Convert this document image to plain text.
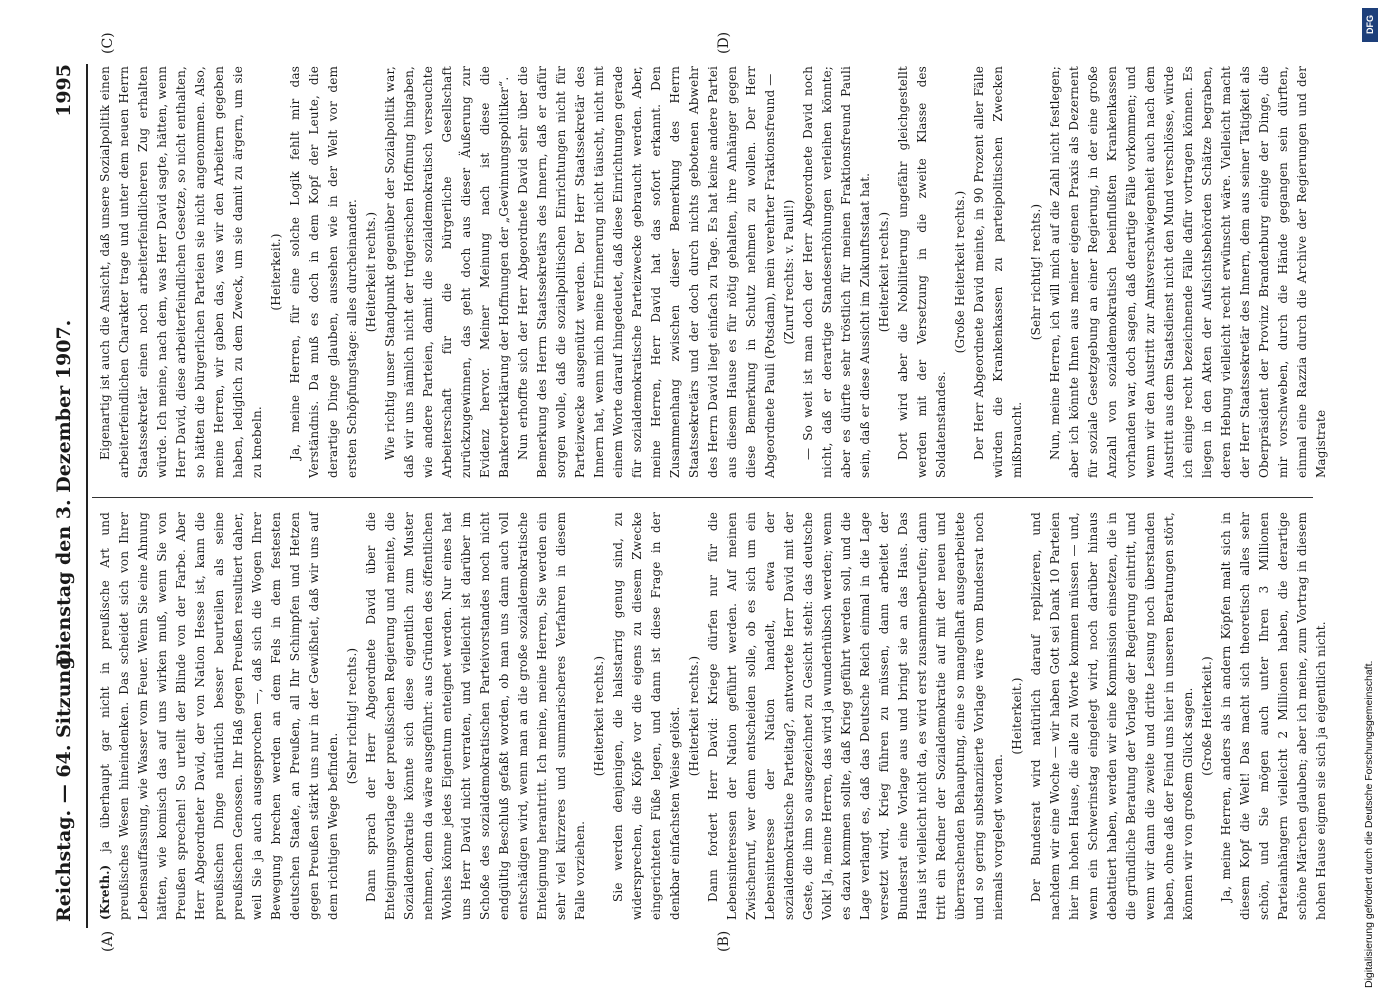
Reichstag. — 64. Sitzung.
Dienstag den 3. Dezember 1907.
1995
(A)	(B)
(C)	(D)

(Kreth.) ja überhaupt gar nicht in preußische Art und preußisches Wesen hineindenken. Das scheidet sich von Ihrer Lebensauffassung, wie Wasser vom Feuer. Wenn Sie eine Ahnung hätten, wie komisch das auf uns wirken muß, wenn Sie von Preußen sprechen! So urteilt der Blinde von der Farbe. Aber Herr Abgeordneter David, der von Nation Hesse ist, kann die preußischen Dinge natürlich besser beurteilen als seine preußischen Genossen. Ihr Haß gegen Preußen resultiert daher, weil Sie ja auch ausgesprochen —, daß sich die Wogen Ihrer Bewegung brechen werden an dem Fels in dem festesten deutschen Staate, an Preußen, all Ihr Schimpfen und Hetzen gegen Preußen stärkt uns nur in der Gewißheit, daß wir uns auf dem richtigen Wege befinden.

(Sehr richtig! rechts.) Dann sprach der Herr Abgeordnete David über die Enteignungsvorlage der preußischen Regierung und meinte, die Sozialdemokratie könnte sich diese eigentlich zum Muster nehmen, denn da wäre ausgeführt: aus Gründen des öffentlichen Wohles könne jedes Eigentum enteignet werden. Nur eines hat uns Herr David nicht verraten, und vielleicht ist darüber im Schoße des sozialdemokratischen Parteivorstandes noch nicht endgültig Beschluß gefaßt worden, ob man uns dann auch voll entschädigen wird, wenn man an die große sozialdemokratische Enteignung herantritt. Ich meine, meine Herren, Sie werden ein sehr viel kürzeres und summarischeres Verfahren in diesem Falle vorziehen.

(Heiterkeit rechts.) Sie werden denjenigen, die halsstarrig genug sind, zu widersprechen, die Köpfe vor die eigens zu diesem Zwecke eingerichteten Füße legen, und dann ist diese Frage in der denkbar einfachsten Weise gelöst. (Heiterkeit rechts.) Dann fordert Herr David: Kriege dürfen nur für die Lebensinteressen der Nation geführt werden. Auf meinen Zwischenruf, wer denn entscheiden solle, ob es sich um ein Lebensinteresse der Nation handelt, etwa der sozialdemokratische Parteitag?, antwortete Herr David mit der Geste, die ihm so ausgezeichnet zu Gesicht steht: das deutsche Volk! Ja, meine Herren, das wird ja wunderhübsch werden; wenn es dazu kommen sollte, daß Krieg geführt werden soll, und die Lage verlangt es, daß das Deutsche Reich einmal in die Lage versetzt wird, Krieg führen zu müssen, dann arbeitet der Bundesrat eine Vorlage aus und bringt sie an das Haus. Das Haus ist vielleicht nicht da, es wird erst zusammenberufen; dann tritt ein Redner der Sozialdemokratie auf mit der neuen und überraschenden Behauptung, eine so mangelhaft ausgearbeitete und so gering substanziierte Vorlage wäre vom Bundesrat noch niemals vorgelegt worden.

(Heiterkeit.) Der Bundesrat wird natürlich darauf replizieren, und nachdem wir eine Woche — wir haben Gott sei Dank 10 Parteien hier im hohen Hause, die alle zu Worte kommen müssen — und, wenn ein Schwerinstag eingelegt wird, noch darüber hinaus debattiert haben, werden wir eine Kommission einsetzen, die in die gründliche Beratung der Vorlage der Regierung eintritt, und wenn wir dann die zweite und dritte Lesung noch überstanden haben, ohne daß der Feind uns hier in unseren Beratungen stört, können wir von großem Glück sagen. (Große Heiterkeit.) Ja, meine Herren, anders als in andern Köpfen malt sich in diesem Kopf die Welt! Das macht sich theoretisch alles sehr schön, und Sie mögen auch unter Ihren 3 Millionen Parteianhängern vielleicht 2 Millionen haben, die derartige schöne Märchen glauben; aber ich meine, zum Vortrag in diesem hohen Hause eignen sie sich ja eigentlich nicht.

Eigenartig ist auch die Ansicht, daß unsere Sozialpolitik einen arbeiterfeindlichen Charakter trage und unter dem neuen Herrn Staatssekretär einen noch arbeiterfeindlicheren Zug erhalten würde. Ich meine, nach dem, was Herr David sagte, hätten, wenn Herr David, diese arbeiterfeindlichen Gesetze, so nicht enthalten, so hätten die bürgerlichen Parteien sie nicht angenommen. Also, meine Herren, wir gaben das, was wir den Arbeitern gegeben haben, lediglich zu dem Zweck, um sie damit zu ärgern, um sie zu knebeln.

(Heiterkeit.) Ja, meine Herren, für eine solche Logik fehlt mir das Verständnis. Da muß es doch in dem Kopf der Leute, die derartige Dinge glauben, aussehen wie in der Welt vor dem ersten Schöpfungstage: alles durcheinander. (Heiterkeit rechts.) Wie richtig unser Standpunkt gegenüber der Sozialpolitik war, daß wir uns nämlich nicht der trügerischen Hoffnung hingaben, wie andere Parteien, damit die sozialdemokratisch verseuchte Arbeiterschaft für die bürgerliche Gesellschaft zurückzugewinnen, das geht doch aus dieser Äußerung zur Evidenz hervor. Meiner Meinung nach ist diese die Bankerotterklärung der Hoffnungen der „Gewinnungspolitiker“. Nun erhoffte sich der Herr Abgeordnete David sehr über die Bemerkung des Herrn Staatssekretärs des Innern, daß er dafür sorgen wolle, daß die sozialpolitischen Einrichtungen nicht für Parteizwecke ausgenützt werden. Der Herr Staatssekretär des Innern hat, wenn mich meine Erinnerung nicht täuscht, nicht mit einem Worte darauf hingedeutet, daß diese Einrichtungen gerade für sozialdemokratische Parteizwecke gebraucht werden. Aber, meine Herren, Herr David hat das sofort erkannt. Den Zusammenhang zwischen dieser Bemerkung des Herrn Staatssekretärs und der doch durch nichts gebotenen Abwehr des Herrn David liegt einfach zu Tage. Es hat keine andere Partei aus diesem Hause es für nötig gehalten, ihre Anhänger gegen diese Bemerkung in Schutz nehmen zu wollen. Der Herr Abgeordnete Pauli (Potsdam), mein verehrter Fraktionsfreund — (Zuruf rechts: v. Pauli!) — So weit ist man doch der Herr Abgeordnete David noch nicht, daß er derartige Standeserhöhungen verleihen könnte; aber es dürfte sehr tröstlich für meinen Fraktionsfreund Pauli sein, daß er diese Aussicht im Zukunftsstaat hat. (Heiterkeit rechts.) Dort wird aber die Nobilitierung ungefähr gleichgestellt werden mit der Versetzung in die zweite Klasse des Soldatenstandes.

(Große Heiterkeit rechts.) Der Herr Abgeordnete David meinte, in 90 Prozent aller Fälle würden die Krankenkassen zu parteipolitischen Zwecken mißbraucht.

(Sehr richtig! rechts.) Nun, meine Herren, ich will mich auf die Zahl nicht festlegen; aber ich könnte Ihnen aus meiner eigenen Praxis als Dezernent für soziale Gesetzgebung an einer Regierung, in der eine große Anzahl von sozialdemokratisch beeinflußten Krankenkassen vorhanden war, doch sagen, daß derartige Fälle vorkommen; und wenn wir den Austritt zur Amtsverschwiegenheit auch nach dem Austritt aus dem Staatsdienst nicht den Mund verschlösse, würde ich einige recht bezeichnende Fälle dafür vortragen können. Es liegen in den Akten der Aufsichtsbehörden Schätze begraben, deren Hebung vielleicht recht erwünscht wäre. Vielleicht macht der Herr Staatssekretär des Innern, dem aus seiner Tätigkeit als Oberpräsident der Provinz Brandenburg einige der Dinge, die mir vorschweben, durch die Hände gegangen sein dürften, einmal eine Razzia durch die Archive der Regierungen und der Magistrate

DFG
Digitalisierung gefördert durch die Deutsche Forschungsgemeinschaft.
